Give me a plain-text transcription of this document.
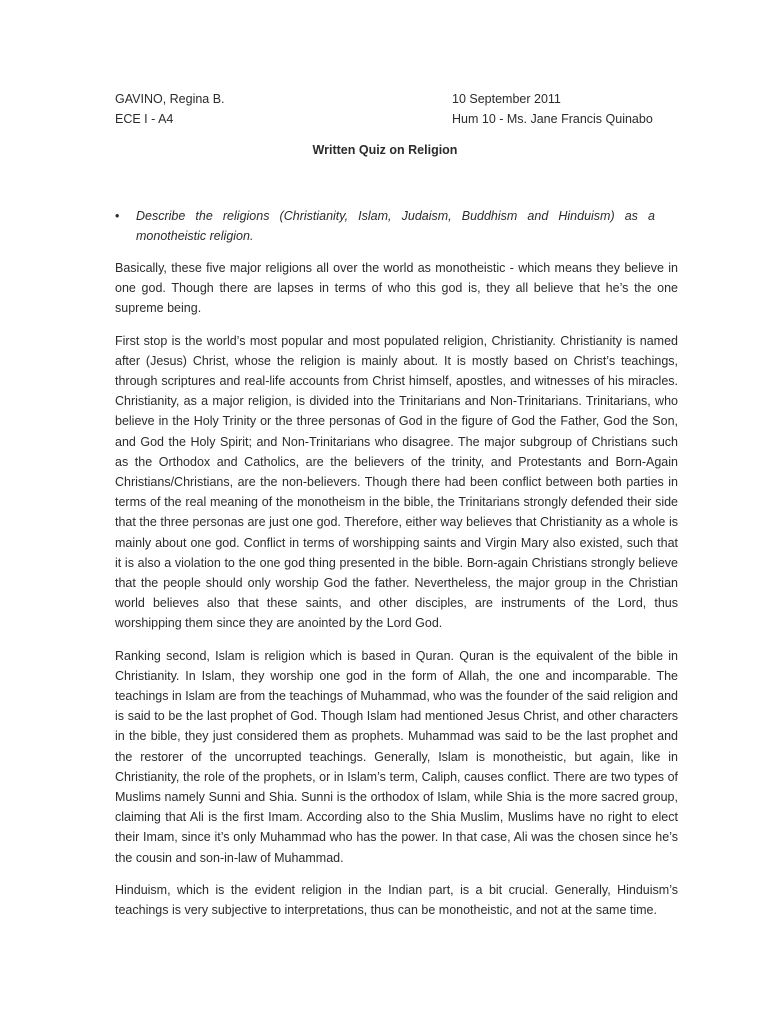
GAVINO, Regina B.	10 September 2011
ECE I - A4	Hum 10 - Ms. Jane Francis Quinabo
Written Quiz on Religion
• Describe the religions (Christianity, Islam, Judaism, Buddhism and Hinduism) as a monotheistic religion.

Basically, these five major religions all over the world as monotheistic - which means they believe in one god. Though there are lapses in terms of who this god is, they all believe that he’s the one supreme being.

First stop is the world’s most popular and most populated religion, Christianity. Christianity is named after (Jesus) Christ, whose the religion is mainly about. It is mostly based on Christ’s teachings, through scriptures and real-life accounts from Christ himself, apostles, and witnesses of his miracles. Christianity, as a major religion, is divided into the Trinitarians and Non-Trinitarians. Trinitarians, who believe in the Holy Trinity or the three personas of God in the figure of God the Father, God the Son, and God the Holy Spirit; and Non-Trinitarians who disagree. The major subgroup of Christians such as the Orthodox and Catholics, are the believers of the trinity, and Protestants and Born-Again Christians/Christians, are the non-believers. Though there had been conflict between both parties in terms of the real meaning of the monotheism in the bible, the Trinitarians strongly defended their side that the three personas are just one god. Therefore, either way believes that Christianity as a whole is mainly about one god. Conflict in terms of worshipping saints and Virgin Mary also existed, such that it is also a violation to the one god thing presented in the bible. Born-again Christians strongly believe that the people should only worship God the father. Nevertheless, the major group in the Christian world believes also that these saints, and other disciples, are instruments of the Lord, thus worshipping them since they are anointed by the Lord God.

Ranking second, Islam is religion which is based in Quran. Quran is the equivalent of the bible in Christianity. In Islam, they worship one god in the form of Allah, the one and incomparable. The teachings in Islam are from the teachings of Muhammad, who was the founder of the said religion and is said to be the last prophet of God. Though Islam had mentioned Jesus Christ, and other characters in the bible, they just considered them as prophets. Muhammad was said to be the last prophet and the restorer of the uncorrupted teachings. Generally, Islam is monotheistic, but again, like in Christianity, the role of the prophets, or in Islam’s term, Caliph, causes conflict. There are two types of Muslims namely Sunni and Shia. Sunni is the orthodox of Islam, while Shia is the more sacred group, claiming that Ali is the first Imam. According also to the Shia Muslim, Muslims have no right to elect their Imam, since it’s only Muhammad who has the power. In that case, Ali was the chosen since he’s the cousin and son-in-law of Muhammad.

Hinduism, which is the evident religion in the Indian part, is a bit crucial. Generally, Hinduism’s teachings is very subjective to interpretations, thus can be monotheistic, and not at the same time.
